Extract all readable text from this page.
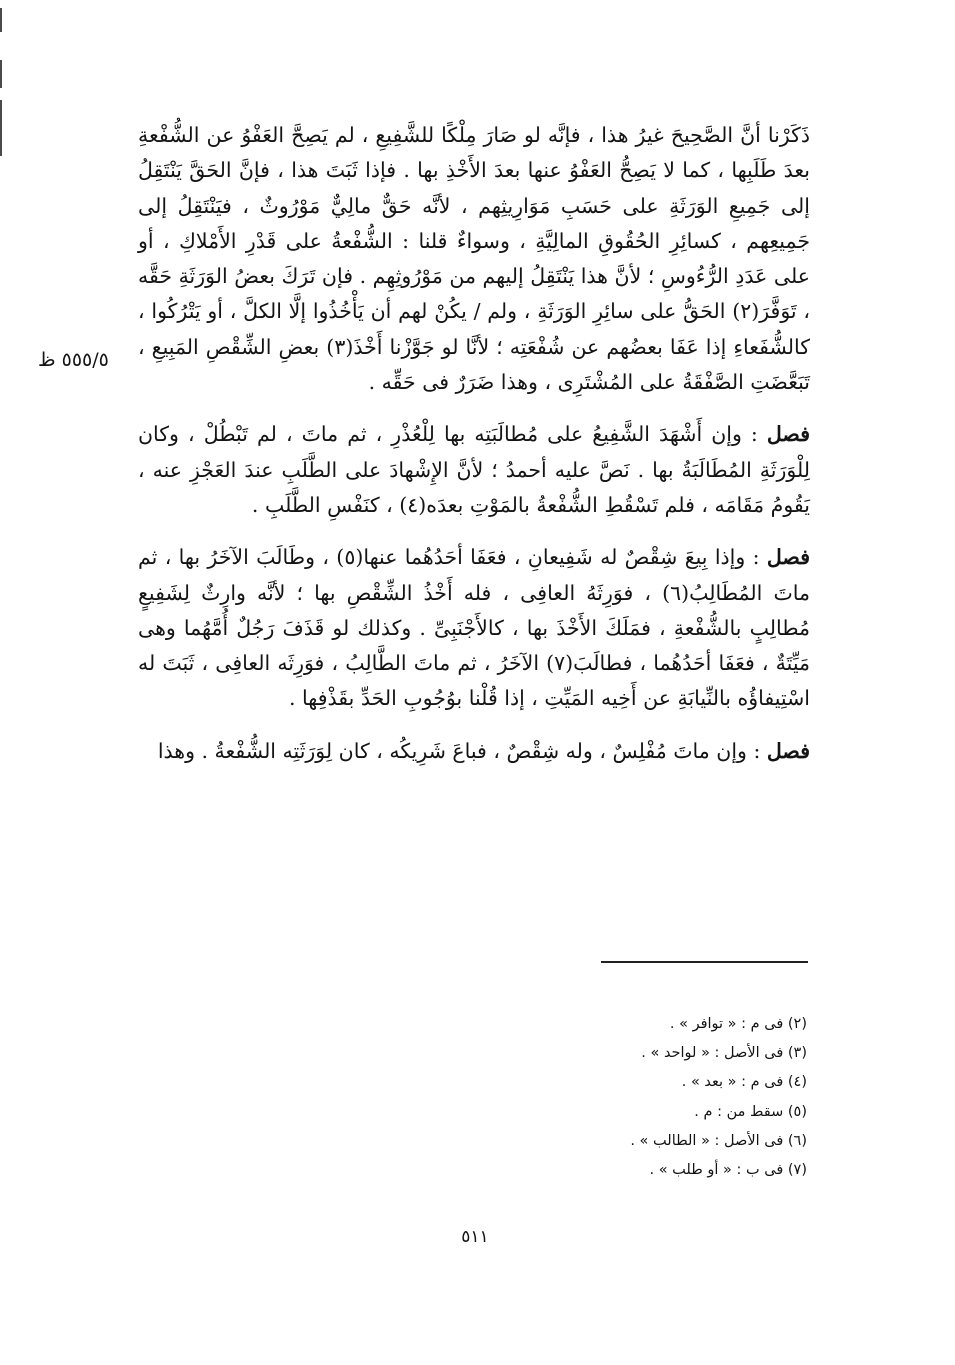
ذَكَرْنا أنَّ الصَّحِيحَ غيرُ هذا ، فإنَّه لو صَارَ مِلْكًا للشَّفِيعِ ، لم يَصِحَّ العَفْوُ عن الشُّفْعةِ بعدَ طَلَبِها ، كما لا يَصِحُّ العَفْوُ عنها بعدَ الأَخْذِ بها . فإذا ثَبَتَ هذا ، فإنَّ الحَقَّ يَنْتَقِلُ إلى جَمِيعِ الوَرَثَةِ على حَسَبِ مَوَارِيثِهم ، لأنَّه حَقٌّ مالِيٌّ مَوْرُوثٌ ، فيَنْتَقِلُ إلى جَمِيعِهم ، كسائِرِ الحُقُوقِ المالِيَّةِ ، وسواءٌ قلنا : الشُّفْعةُ على قَدْرِ الأَمْلاكِ ، أو على عَدَدِ الرُّءُوسِ ؛ لأنَّ هذا يَنْتَقِلُ إليهم من مَوْرُوثِهِم . فإن تَرَكَ بعضُ الوَرَثَةِ حَقَّه ، تَوَفَّرَ(٢) الحَقُّ على سائِرِ الوَرَثَةِ ، ولم / يكُنْ لهم أن يَأْخُذُوا إلَّا الكلَّ ، أو يَتْرُكُوا ، كالشُّفَعاءِ إذا عَفَا بعضُهم عن شُفْعَتِه ؛ لأنَّا لو جَوَّزْنا أَخْذَ(٣) بعضِ الشِّقْصِ المَبِيعِ ، تَبَعَّضَتِ الصَّفْقَةُ على المُشْتَرِى ، وهذا ضَرَرٌ فى حَقِّه .

فصل : وإن أَشْهَدَ الشَّفِيعُ على مُطالَبَتِه بها لِلْعُذْرِ ، ثم ماتَ ، لم تَبْطُلْ ، وكان لِلْوَرَثَةِ المُطَالَبَةُ بها . نَصَّ عليه أحمدُ ؛ لأنَّ الإِشْهادَ على الطَّلَبِ عندَ العَجْزِ عنه ، يَقُومُ مَقَامَه ، فلم تَسْقُطِ الشُّفْعةُ بالمَوْتِ بعدَه(٤) ، كنَفْسِ الطَّلَبِ .

فصل : وإذا بِيعَ شِقْصٌ له شَفِيعانِ ، فعَفَا أحَدُهُما عنها(٥) ، وطَالَبَ الآخَرُ بها ، ثم ماتَ المُطَالِبُ(٦) ، فوَرِثَهُ العافِى ، فله أَخْذُ الشِّقْصِ بها ؛ لأنَّه وارِثٌ لِشَفِيعٍ مُطالِبٍ بالشُّفْعةِ ، فمَلَكَ الأَخْذَ بها ، كالأَجْنَبِىِّ . وكذلك لو قَذَفَ رَجُلٌ أُمَّهُما وهى مَيِّتَةٌ ، فعَفَا أحَدُهُما ، فطالَبَ(٧) الآخَرُ ، ثم ماتَ الطَّالِبُ ، فوَرِثَه العافِى ، ثَبَتَ له اسْتِيفاؤُه بالنِّيابَةِ عن أَخِيه المَيِّتِ ، إذا قُلْنا بوُجُوبِ الحَدِّ بقَذْفِها .

فصل : وإن ماتَ مُفْلِسٌ ، وله شِقْصٌ ، فباعَ شَرِيكُه ، كان لِوَرَثَتِه الشُّفْعةُ . وهذا

٥٥٥/٥ ظ
(٢) فى م : « توافر » .
(٣) فى الأصل : « لواحد » .
(٤) فى م : « بعد » .
(٥) سقط من : م .
(٦) فى الأصل : « الطالب » .
(٧) فى ب : « أو طلب » .
٥١١
